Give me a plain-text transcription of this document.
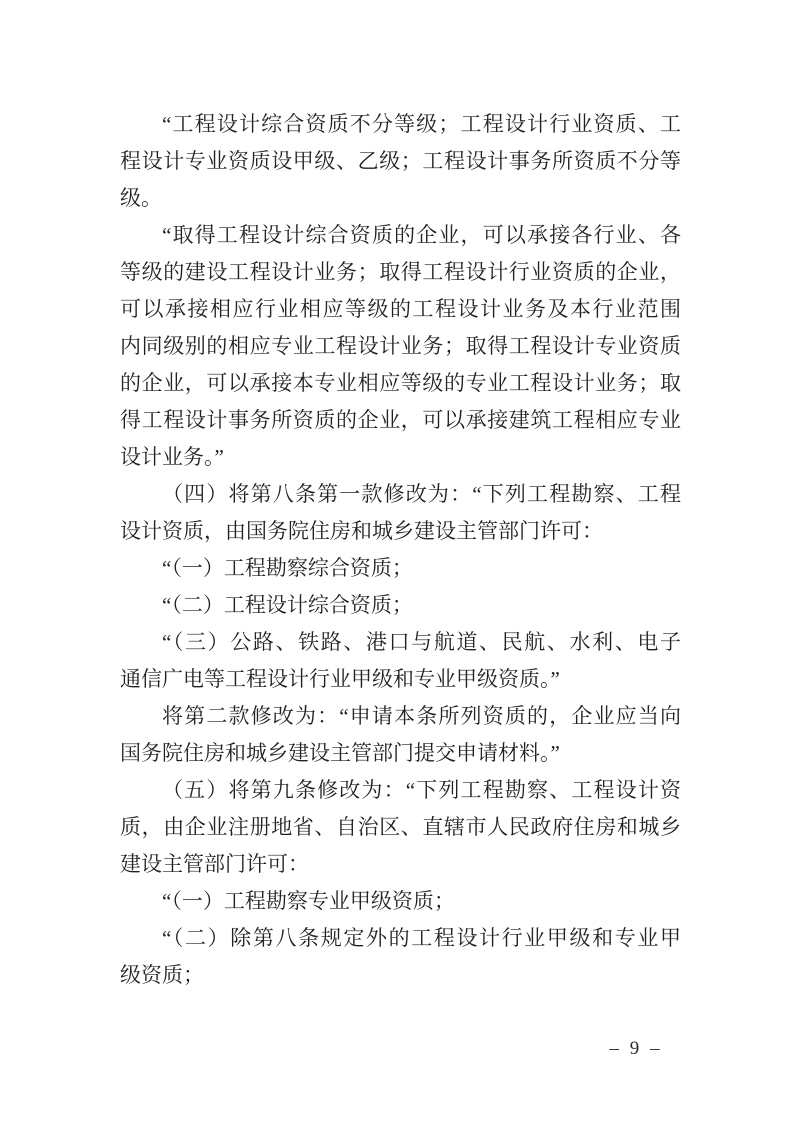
“工程设计综合资质不分等级；工程设计行业资质、工
程设计专业资质设甲级、乙级；工程设计事务所资质不分等
级。
“取得工程设计综合资质的企业，可以承接各行业、各
等级的建设工程设计业务；取得工程设计行业资质的企业，
可以承接相应行业相应等级的工程设计业务及本行业范围
内同级别的相应专业工程设计业务；取得工程设计专业资质
的企业，可以承接本专业相应等级的专业工程设计业务；取
得工程设计事务所资质的企业，可以承接建筑工程相应专业
设计业务。”
（四）将第八条第一款修改为：“下列工程勘察、工程
设计资质，由国务院住房和城乡建设主管部门许可：
“（一）工程勘察综合资质；
“（二）工程设计综合资质；
“（三）公路、铁路、港口与航道、民航、水利、电子
通信广电等工程设计行业甲级和专业甲级资质。”
将第二款修改为：“申请本条所列资质的，企业应当向
国务院住房和城乡建设主管部门提交申请材料。”
（五）将第九条修改为：“下列工程勘察、工程设计资
质，由企业注册地省、自治区、直辖市人民政府住房和城乡
建设主管部门许可：
“（一）工程勘察专业甲级资质；
“（二）除第八条规定外的工程设计行业甲级和专业甲
级资质；
– 9 –
